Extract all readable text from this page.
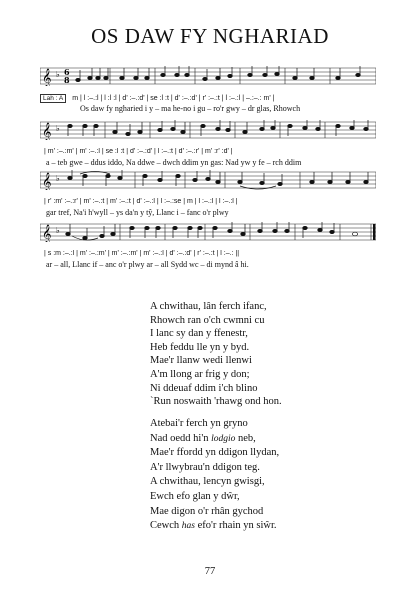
OS DAW FY NGHARIAD
𝄞 ♭ 6
8
Lah : A m | l :–.:l | l :l :l | d' :–.:d' | se :l :t | d' :–.:d' | r' :–.:t | l :–.:l | –.:–.: m' |
Os daw fy ngharied i y – ma he-no i gu – ro'r gwy – dr glas, Rhowch
𝄞 ♭
| m' :–.:m' | m' :–.:l | se :l :t | d' :–.:d' | l :–.:t | d' :–.:r' | m' :r' :d' |
a – teb gwe – ddus iddo, Na ddwe – dwch ddim yn gas: Nad yw y fe – rch ddim
𝄞 ♭
| r' :m' :–.:r' | m' :–.:t | m' :–.:t | d' :–.:l | l :–.:se | m | l :–.:l | l :–.:l |
gar tref, Na'i h'wyll – ys da'n y tŷ, Llanc i – fanc o'r plwy
𝄞 ♭
| s :m :–.:l | m' :–.:m' | m' :–.:m' | m' :–.:l | d' :–.:d' | r' :–.:t | l :–.: ||
ar – all, Llanc if – anc o'r plwy ar – all Sydd wc – di mynd â hi.
A chwithau, lân ferch ifanc,
Rhowch ran o'ch cwmni cu
I lanc sy dan y ffenestr,
Heb feddu lle yn y byd.
Mae'r llanw wedi llenwi
A'm llong ar frig y don;
Ni ddeuaf ddim i'ch blino
`Run noswaith 'rhawg ond hon.
Atebai'r ferch yn gryno
Nad oedd hi'n lodgio neb,
Mae'r ffordd yn ddigon llydan,
A'r llwybrau'n ddigon teg.
A chwithau, lencyn gwisgi,
Ewch efo glan y dŵr,
Mae digon o'r rhân gychod
Cewch has efo'r rhain yn siŵr.
77
